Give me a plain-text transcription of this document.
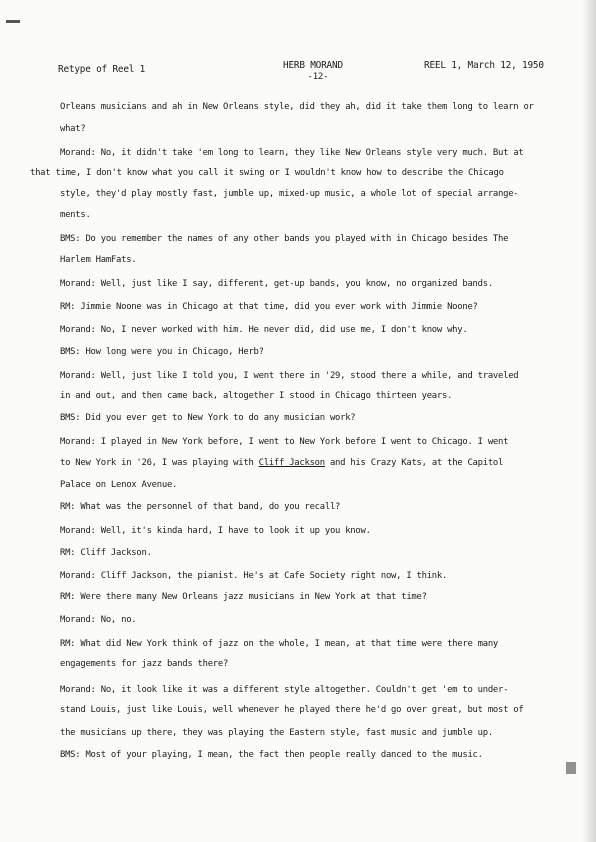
Retype of Reel 1	HERB MORAND
-12-
REEL 1, March 12, 1950
Orleans musicians and ah in New Orleans style, did they ah, did it take them long to learn or
what?
Morand: No, it didn't take 'em long to learn, they like New Orleans style very much. But at
that time, I don't know what you call it swing or I wouldn't know how to describe the Chicago
style, they'd play mostly fast, jumble up, mixed-up music, a whole lot of special arrange-
ments.
BMS: Do you remember the names of any other bands you played with in Chicago besides The
Harlem HamFats.
Morand: Well, just like I say, different, get-up bands, you know, no organized bands.
RM: Jimmie Noone was in Chicago at that time, did you ever work with Jimmie Noone?
Morand: No, I never worked with him. He never did, did use me, I don't know why.
BMS: How long were you in Chicago, Herb?
Morand: Well, just like I told you, I went there in '29, stood there a while, and traveled
in and out, and then came back, altogether I stood in Chicago thirteen years.
BMS: Did you ever get to New York to do any musician work?
Morand: I played in New York before, I went to New York before I went to Chicago. I went
to New York in '26, I was playing with Cliff Jackson and his Crazy Kats, at the Capitol
Palace on Lenox Avenue.
RM: What was the personnel of that band, do you recall?
Morand: Well, it's kinda hard, I have to look it up you know.
RM: Cliff Jackson.
Morand: Cliff Jackson, the pianist. He's at Cafe Society right now, I think.
RM: Were there many New Orleans jazz musicians in New York at that time?
Morand: No, no.
RM: What did New York think of jazz on the whole, I mean, at that time were there many
engagements for jazz bands there?
Morand: No, it look like it was a different style altogether. Couldn't get 'em to under-
stand Louis, just like Louis, well whenever he played there he'd go over great, but most of
the musicians up there, they was playing the Eastern style, fast music and jumble up.
BMS: Most of your playing, I mean, the fact then people really danced to the music.
